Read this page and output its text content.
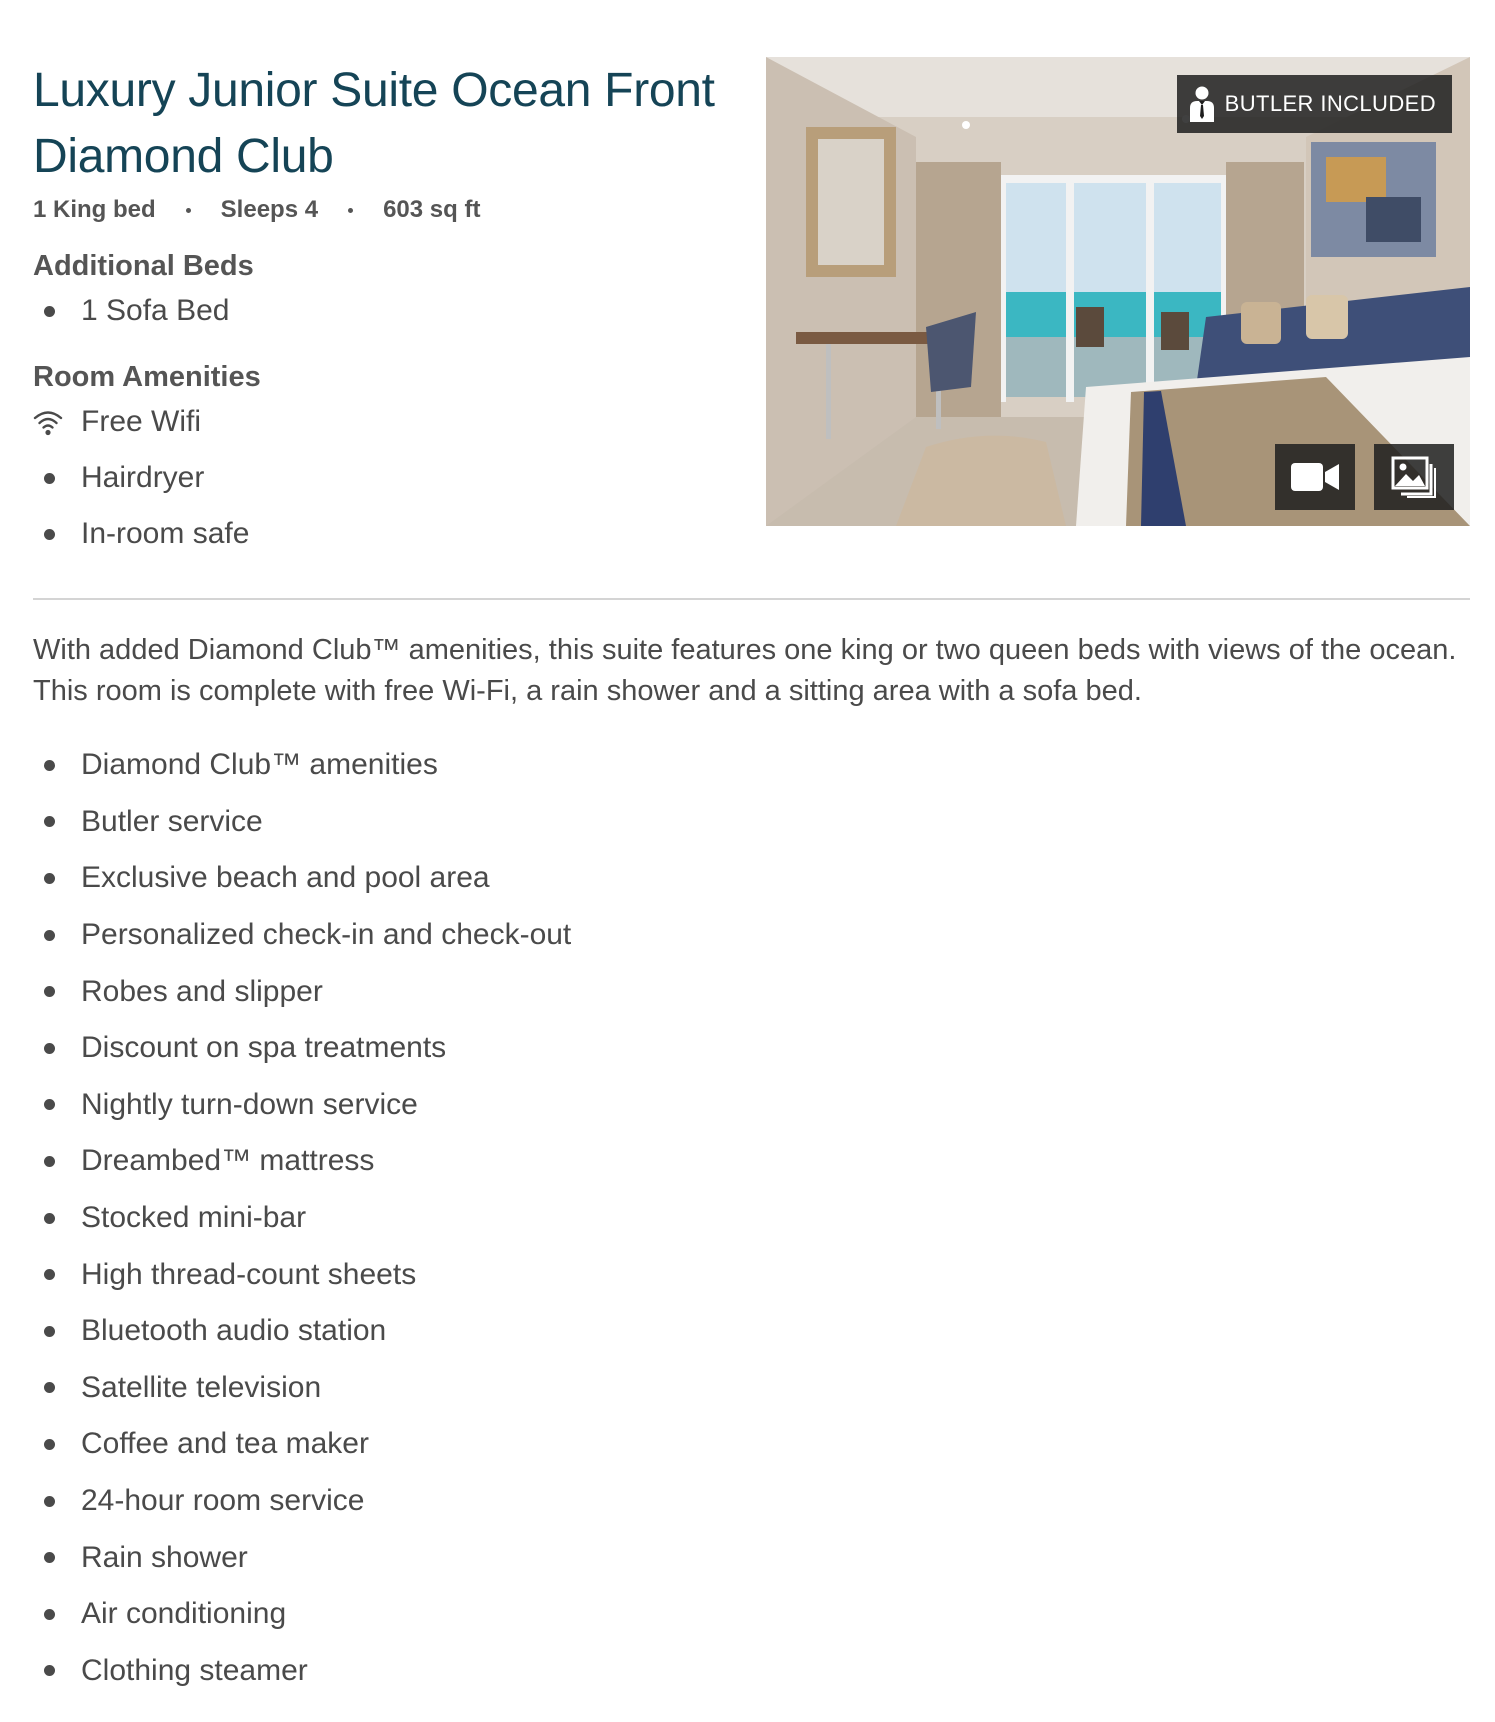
Luxury Junior Suite Ocean Front Diamond Club
1 King bed	Sleeps 4	603 sq ft
Additional Beds
1 Sofa Bed
Room Amenities
Free Wifi
Hairdryer
In-room safe
BUTLER INCLUDED

With added Diamond Club™ amenities, this suite features one king or two queen beds with views of the ocean. This room is complete with free Wi-Fi, a rain shower and a sitting area with a sofa bed.

Diamond Club™ amenities
Butler service
Exclusive beach and pool area
Personalized check-in and check-out
Robes and slipper
Discount on spa treatments
Nightly turn-down service
Dreambed™ mattress
Stocked mini-bar
High thread-count sheets
Bluetooth audio station
Satellite television
Coffee and tea maker
24-hour room service
Rain shower
Air conditioning
Clothing steamer
